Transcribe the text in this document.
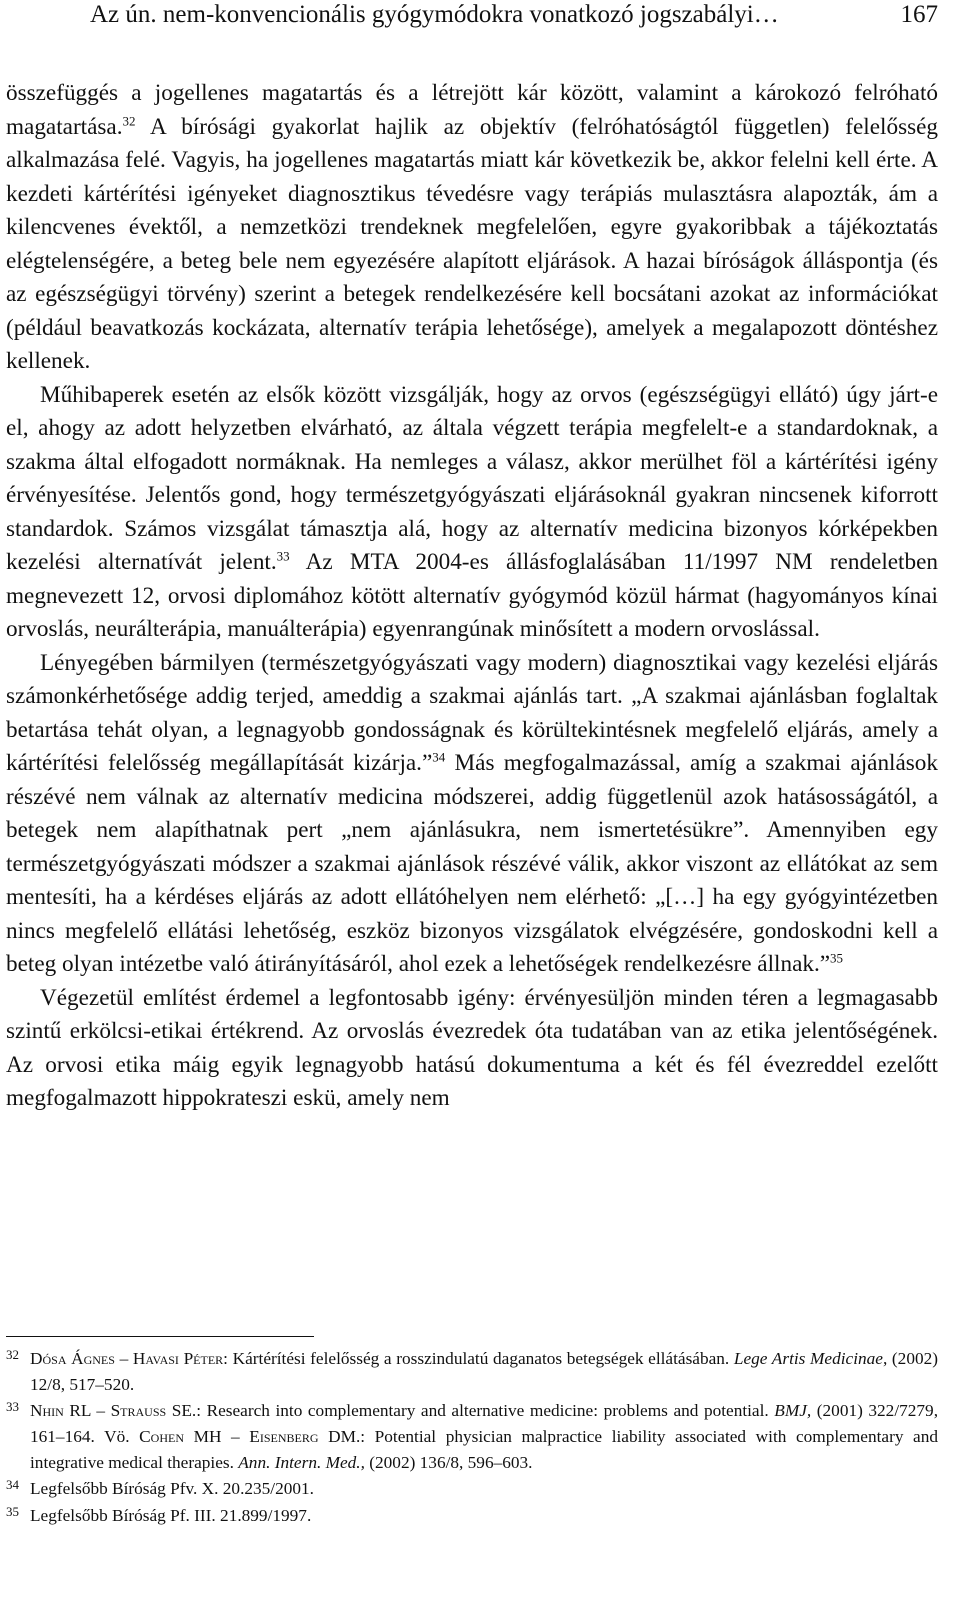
Az ún. nem-konvencionális gyógymódokra vonatkozó jogszabályi…	167

összefüggés a jogellenes magatartás és a létrejött kár között, valamint a károkozó felróható magatartása.$^{32}$ A bírósági gyakorlat hajlik az objektív (felróhatóságtól független) felelősség alkalmazása felé. Vagyis, ha jogellenes magatartás miatt kár következik be, akkor felelni kell érte. A kezdeti kártérítési igényeket diagnosztikus tévedésre vagy terápiás mulasztásra alapozták, ám a kilencvenes évektől, a nemzetközi trendeknek megfelelően, egyre gyakoribbak a tájékoztatás elégtelenségére, a beteg bele nem egyezésére alapított eljárások. A hazai bíróságok álláspontja (és az egészségügyi törvény) szerint a betegek rendelkezésére kell bocsátani azokat az információkat (például beavatkozás kockázata, alternatív terápia lehetősége), amelyek a megalapozott döntéshez kellenek.

Műhibaperek esetén az elsők között vizsgálják, hogy az orvos (egészségügyi ellátó) úgy járt-e el, ahogy az adott helyzetben elvárható, az általa végzett terápia megfelelt-e a standardoknak, a szakma által elfogadott normáknak. Ha nemleges a válasz, akkor merülhet föl a kártérítési igény érvényesítése. Jelentős gond, hogy természetgyógyászati eljárásoknál gyakran nincsenek kiforrott standardok. Számos vizsgálat támasztja alá, hogy az alternatív medicina bizonyos kórképekben kezelési alternatívát jelent.$^{33}$ Az MTA 2004-es állásfoglalásában 11/1997 NM rendeletben megnevezett 12, orvosi diplomához kötött alternatív gyógymód közül hármat (hagyományos kínai orvoslás, neurálterápia, manuálterápia) egyenrangúnak minősített a modern orvoslással.

Lényegében bármilyen (természetgyógyászati vagy modern) diagnosztikai vagy kezelési eljárás számonkérhetősége addig terjed, ameddig a szakmai ajánlás tart. „A szakmai ajánlásban foglaltak betartása tehát olyan, a legnagyobb gondosságnak és körültekintésnek megfelelő eljárás, amely a kártérítési felelősség megállapítását kizárja.”$^{34}$ Más megfogalmazással, amíg a szakmai ajánlások részévé nem válnak az alternatív medicina módszerei, addig függetlenül azok hatásosságától, a betegek nem alapíthatnak pert „nem ajánlásukra, nem ismertetésükre”. Amennyiben egy természetgyógyászati módszer a szakmai ajánlások részévé válik, akkor viszont az ellátókat az sem mentesíti, ha a kérdéses eljárás az adott ellátóhelyen nem elérhető: „[…] ha egy gyógyintézetben nincs megfelelő ellátási lehetőség, eszköz bizonyos vizsgálatok elvégzésére, gondoskodni kell a beteg olyan intézetbe való átirányításáról, ahol ezek a lehetőségek rendelkezésre állnak.”$^{35}$

Végezetül említést érdemel a legfontosabb igény: érvényesüljön minden téren a legmagasabb szintű erkölcsi-etikai értékrend. Az orvoslás évezredek óta tudatában van az etika jelentőségének. Az orvosi etika máig egyik legnagyobb hatású dokumentuma a két és fél évezreddel ezelőtt megfogalmazott hippokrateszi eskü, amely nem

32 Dósa Ágnes – Havasi Péter: Kártérítési felelősség a rosszindulatú daganatos betegségek ellátásában. Lege Artis Medicinae, (2002) 12/8, 517–520.
33 Nhin RL – Strauss SE.: Research into complementary and alternative medicine: problems and potential. BMJ, (2001) 322/7279, 161–164. Vö. Cohen MH – Eisenberg DM.: Potential physician malpractice liability associated with complementary and integrative medical therapies. Ann. Intern. Med., (2002) 136/8, 596–603.
34 Legfelsőbb Bíróság Pfv. X. 20.235/2001.
35 Legfelsőbb Bíróság Pf. III. 21.899/1997.
